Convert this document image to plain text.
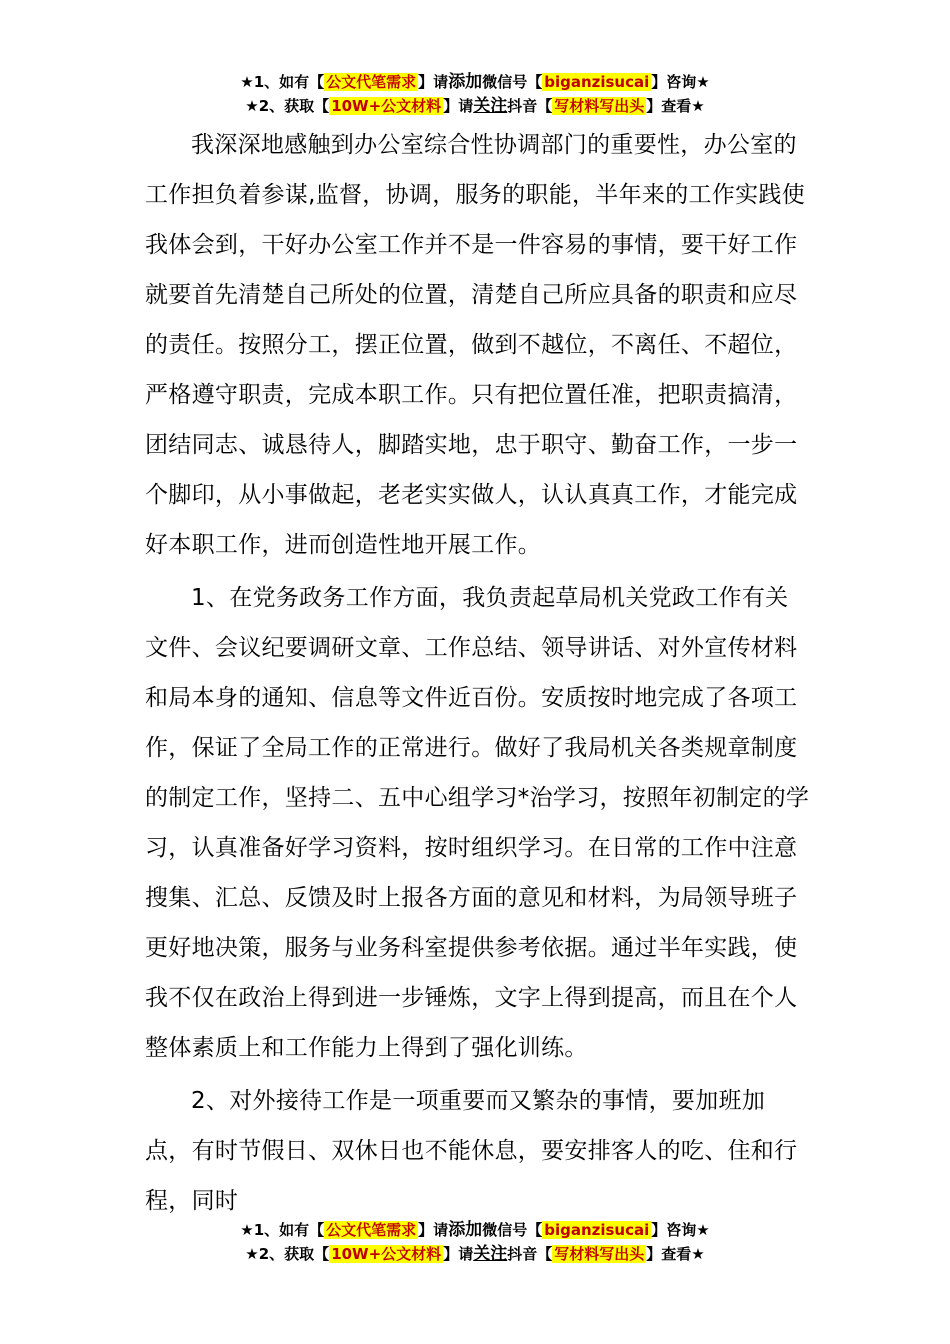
★1、如有【 公文代笔需求 】请添加微信号【 biganzisucai 】咨询★
★2、获取【 10W+公文材料 】请关注抖音【 写材料写出头 】查看★

我深深地感触到办公室综合性协调部门的重要性，办公室的工作担负着参谋,监督，协调，服务的职能，半年来的工作实践使我体会到，干好办公室工作并不是一件容易的事情，要干好工作就要首先清楚自己所处的位置，清楚自己所应具备的职责和应尽的责任。按照分工，摆正位置，做到不越位，不离任、不超位，严格遵守职责，完成本职工作。只有把位置任准，把职责搞清，团结同志、诚恳待人，脚踏实地，忠于职守、勤奋工作，一步一个脚印，从小事做起，老老实实做人，认认真真工作，才能完成好本职工作，进而创造性地开展工作。

1、在党务政务工作方面，我负责起草局机关党政工作有关文件、会议纪要调研文章、工作总结、领导讲话、对外宣传材料和局本身的通知、信息等文件近百份。安质按时地完成了各项工作，保证了全局工作的正常进行。做好了我局机关各类规章制度的制定工作，坚持二、五中心组学习*治学习，按照年初制定的学习，认真准备好学习资料，按时组织学习。在日常的工作中注意搜集、汇总、反馈及时上报各方面的意见和材料，为局领导班子更好地决策，服务与业务科室提供参考依据。通过半年实践，使我不仅在政治上得到进一步锤炼，文字上得到提高，而且在个人整体素质上和工作能力上得到了强化训练。

2、对外接待工作是一项重要而又繁杂的事情，要加班加点，有时节假日、双休日也不能休息，要安排客人的吃、住和行程，同时

★1、如有【 公文代笔需求 】请添加微信号【 biganzisucai 】咨询★
★2、获取【 10W+公文材料 】请关注抖音【 写材料写出头 】查看★
